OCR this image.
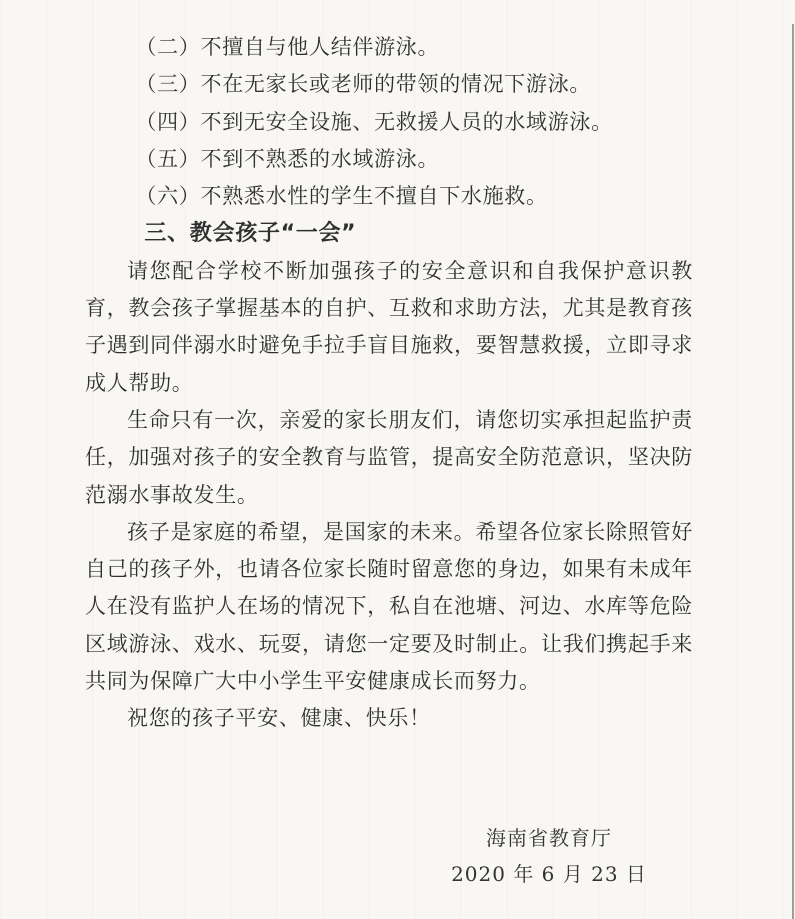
（二）不擅自与他人结伴游泳。
（三）不在无家长或老师的带领的情况下游泳。
（四）不到无安全设施、无救援人员的水域游泳。
（五）不到不熟悉的水域游泳。
（六）不熟悉水性的学生不擅自下水施救。
三、教会孩子“一会”
请您配合学校不断加强孩子的安全意识和自我保护意识教育，教会孩子掌握基本的自护、互救和求助方法，尤其是教育孩子遇到同伴溺水时避免手拉手盲目施救，要智慧救援，立即寻求成人帮助。
生命只有一次，亲爱的家长朋友们，请您切实承担起监护责任，加强对孩子的安全教育与监管，提高安全防范意识，坚决防范溺水事故发生。
孩子是家庭的希望，是国家的未来。希望各位家长除照管好自己的孩子外，也请各位家长随时留意您的身边，如果有未成年人在没有监护人在场的情况下，私自在池塘、河边、水库等危险区域游泳、戏水、玩耍，请您一定要及时制止。让我们携起手来共同为保障广大中小学生平安健康成长而努力。
祝您的孩子平安、健康、快乐！
海南省教育厅
2020 年 6 月 23 日
